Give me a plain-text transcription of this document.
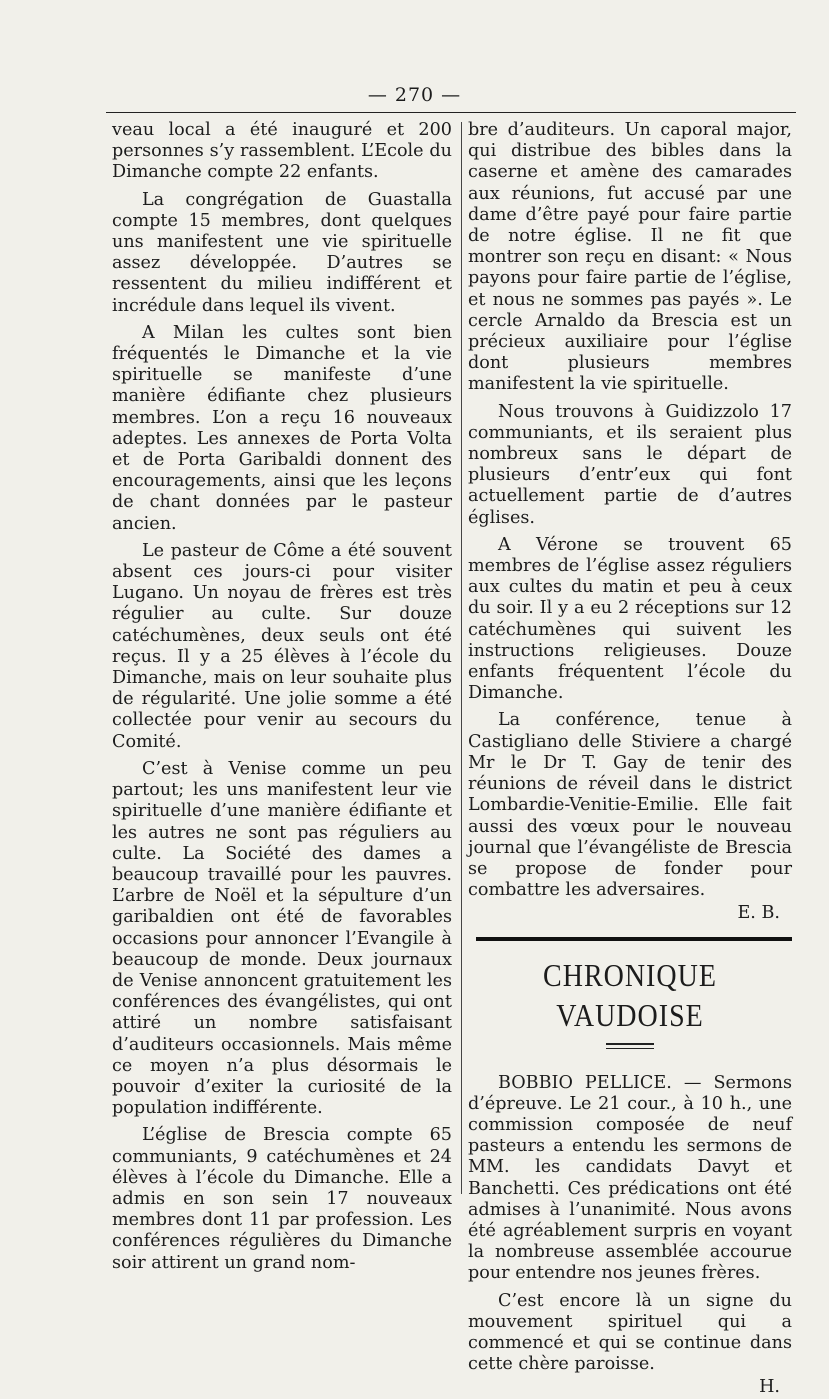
— 270 —

veau local a été inauguré et 200 personnes s’y rassemblent. L’Ecole du Dimanche compte 22 enfants.

La congrégation de Guastalla compte 15 membres, dont quelques uns manifestent une vie spirituelle assez développée. D’autres se ressentent du milieu indifférent et incrédule dans lequel ils vivent.

A Milan les cultes sont bien fréquentés le Dimanche et la vie spirituelle se manifeste d’une manière édifiante chez plusieurs membres. L’on a reçu 16 nouveaux adeptes. Les annexes de Porta Volta et de Porta Garibaldi donnent des encouragements, ainsi que les leçons de chant données par le pasteur ancien.

Le pasteur de Côme a été souvent absent ces jours-ci pour visiter Lugano. Un noyau de frères est très régulier au culte. Sur douze catéchumènes, deux seuls ont été reçus. Il y a 25 élèves à l’école du Dimanche, mais on leur souhaite plus de régularité. Une jolie somme a été collectée pour venir au secours du Comité.

C’est à Venise comme un peu partout; les uns manifestent leur vie spirituelle d’une manière édifiante et les autres ne sont pas réguliers au culte. La Société des dames a beaucoup travaillé pour les pauvres. L’arbre de Noël et la sépulture d’un garibaldien ont été de favorables occasions pour annoncer l’Evangile à beaucoup de monde. Deux journaux de Venise annoncent gratuitement les conférences des évangélistes, qui ont attiré un nombre satisfaisant d’auditeurs occasionnels. Mais même ce moyen n’a plus désormais le pouvoir d’exiter la curiosité de la population indifférente.

L’église de Brescia compte 65 communiants, 9 catéchumènes et 24 élèves à l’école du Dimanche. Elle a admis en son sein 17 nouveaux membres dont 11 par profession. Les conférences régulières du Dimanche soir attirent un grand nom-

bre d’auditeurs. Un caporal major, qui distribue des bibles dans la caserne et amène des camarades aux réunions, fut accusé par une dame d’être payé pour faire partie de notre église. Il ne fit que montrer son reçu en disant: « Nous payons pour faire partie de l’église, et nous ne sommes pas payés ». Le cercle Arnaldo da Brescia est un précieux auxiliaire pour l’église dont plusieurs membres manifestent la vie spirituelle.

Nous trouvons à Guidizzolo 17 communiants, et ils seraient plus nombreux sans le départ de plusieurs d’entr’eux qui font actuellement partie de d’autres églises.

A Vérone se trouvent 65 membres de l’église assez réguliers aux cultes du matin et peu à ceux du soir. Il y a eu 2 réceptions sur 12 catéchumènes qui suivent les instructions religieuses. Douze enfants fréquentent l’école du Dimanche.

La conférence, tenue à Castigliano delle Stiviere a chargé Mr le Dr T. Gay de tenir des réunions de réveil dans le district Lombardie-Venitie-Emilie. Elle fait aussi des vœux pour le nouveau journal que l’évangéliste de Brescia se propose de fonder pour combattre les adversaires.

E. B.
CHRONIQUE VAUDOISE

BOBBIO PELLICE. — Sermons d’épreuve. Le 21 cour., à 10 h., une commission composée de neuf pasteurs a entendu les sermons de MM. les candidats Davyt et Banchetti. Ces prédications ont été admises à l’unanimité. Nous avons été agréablement surpris en voyant la nombreuse assemblée accourue pour entendre nos jeunes frères.

C’est encore là un signe du mouvement spirituel qui a commencé et qui se continue dans cette chère paroisse.

H.
